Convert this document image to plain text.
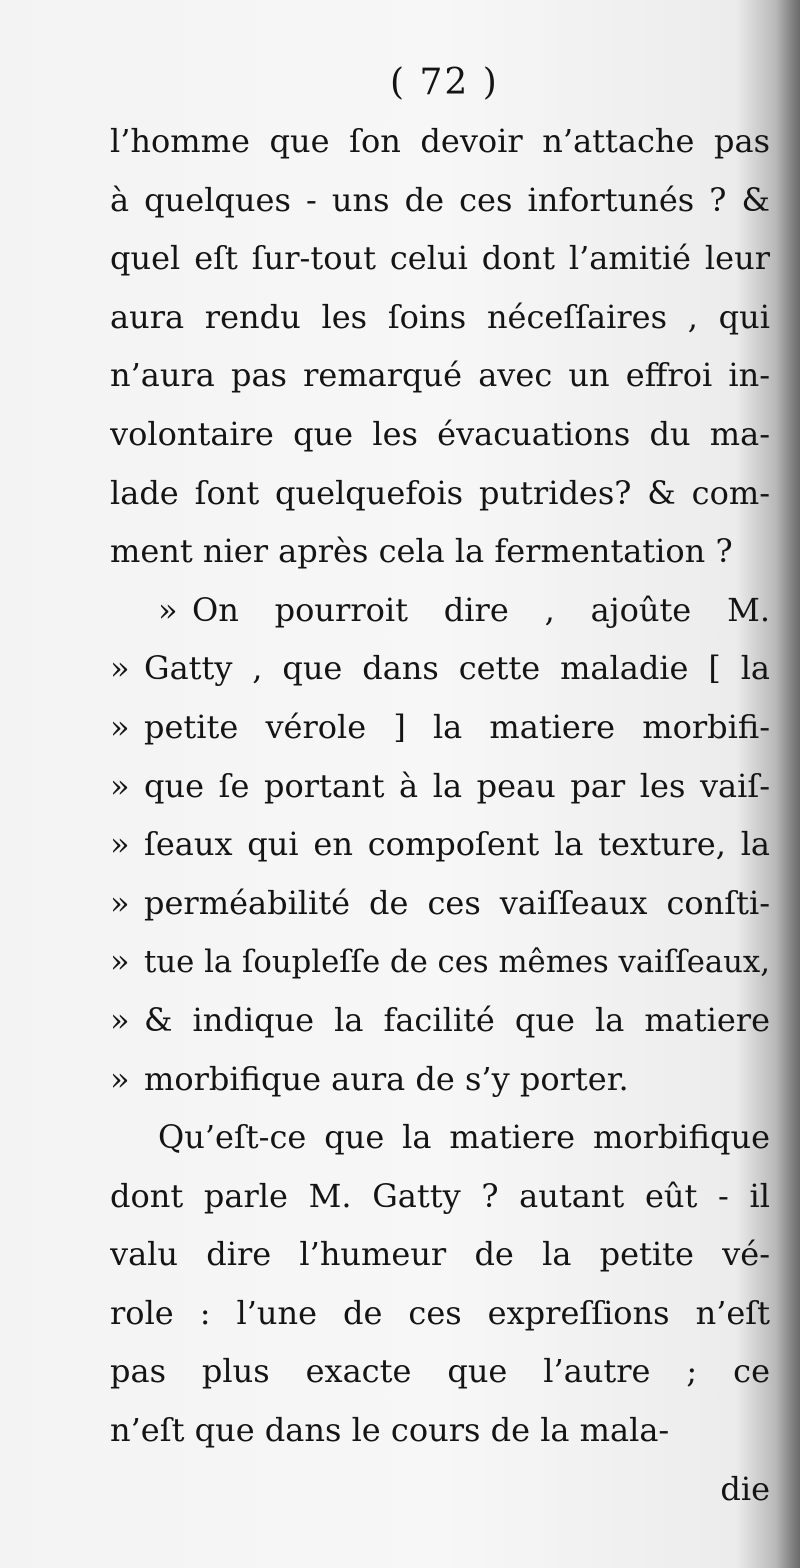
( 72 )
l’homme que ſon devoir n’attache pas
à quelques - uns de ces infortunés ? &
quel eſt ſur-tout celui dont l’amitié leur
aura rendu les ſoins néceſſaires , qui
n’aura pas remarqué avec un effroi in-
volontaire que les évacuations du ma-
lade ſont quelquefois putrides? & com-
ment nier après cela la fermentation ?
» On pourroit dire , ajoûte M.
» Gatty , que dans cette maladie [ la
» petite vérole ] la matiere morbifi-
» que ſe portant à la peau par les vaiſ-
» ſeaux qui en compoſent la texture, la
» perméabilité de ces vaiſſeaux conſti-
» tue la ſoupleſſe de ces mêmes vaiſſeaux,
» & indique la facilité que la matiere
» morbifique aura de s’y porter.
Qu’eſt-ce que la matiere morbifique
dont parle M. Gatty ? autant eût - il
valu dire l’humeur de la petite vé-
role : l’une de ces expreſſions n’eſt
pas plus exacte que l’autre ; ce
n’eſt que dans le cours de la mala-
die
